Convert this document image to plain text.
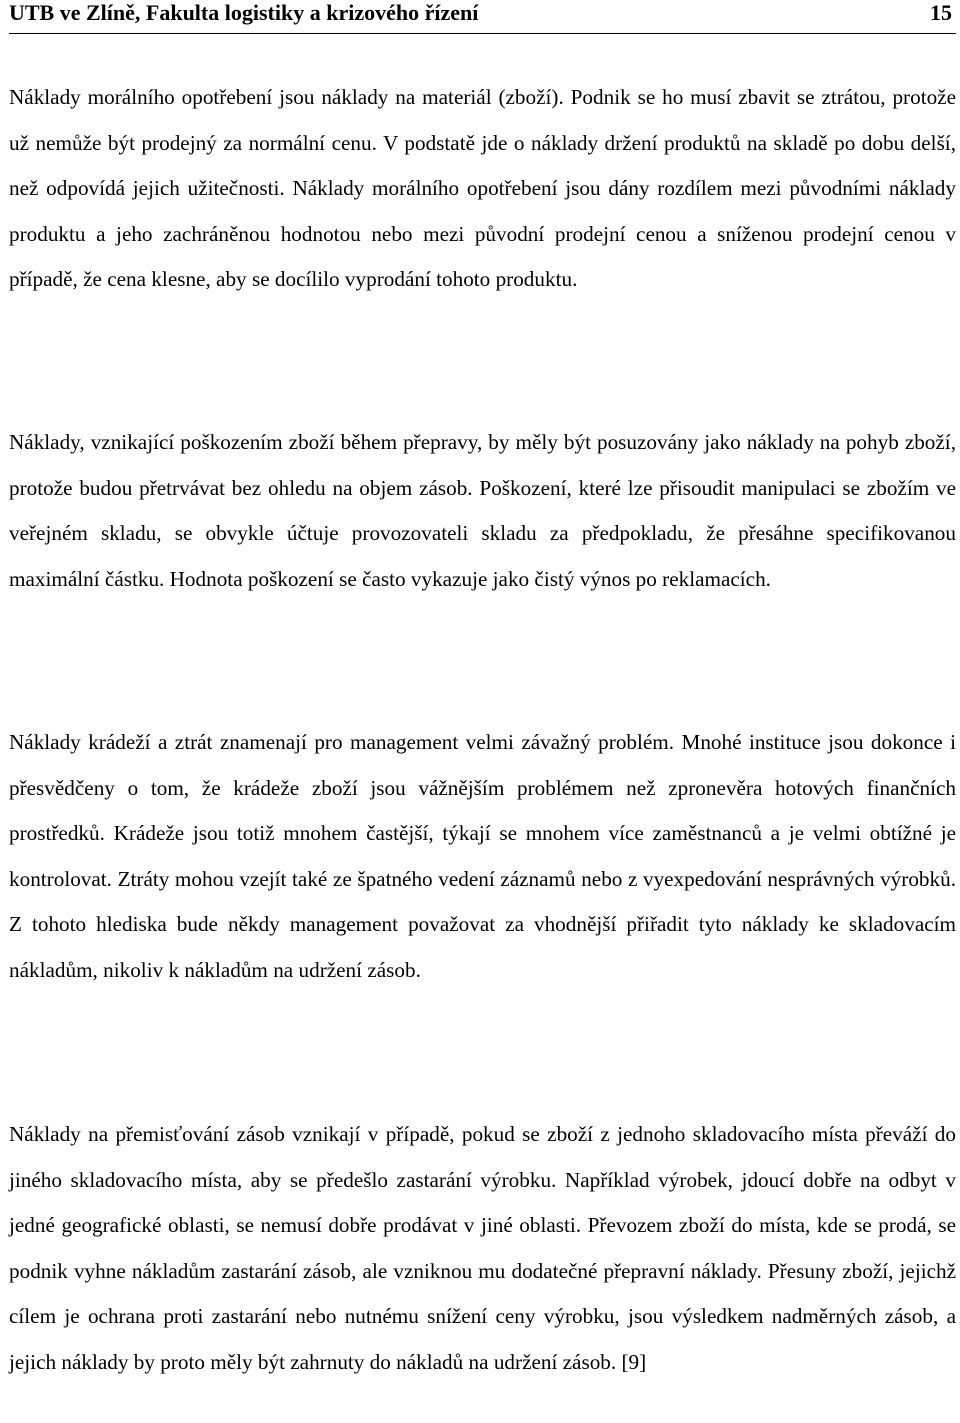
UTB ve Zlíně, Fakulta logistiky a krizového řízení	15

Náklady morálního opotřebení jsou náklady na materiál (zboží). Podnik se ho musí zbavit se ztrátou, protože už nemůže být prodejný za normální cenu. V podstatě jde o náklady držení produktů na skladě po dobu delší, než odpovídá jejich užitečnosti. Náklady morálního opotřebení jsou dány rozdílem mezi původními náklady produktu a jeho zachráněnou hodnotou nebo mezi původní prodejní cenou a sníženou prodejní cenou v případě, že cena klesne, aby se docílilo vyprodání tohoto produktu.

Náklady, vznikající poškozením zboží během přepravy, by měly být posuzovány jako náklady na pohyb zboží, protože budou přetrvávat bez ohledu na objem zásob. Poškození, které lze přisoudit manipulaci se zbožím ve veřejném skladu, se obvykle účtuje provozovateli skladu za předpokladu, že přesáhne specifikovanou maximální částku. Hodnota poškození se často vykazuje jako čistý výnos po reklamacích.

Náklady krádeží a ztrát znamenají pro management velmi závažný problém. Mnohé instituce jsou dokonce i přesvědčeny o tom, že krádeže zboží jsou vážnějším problémem než zpronevěra hotových finančních prostředků. Krádeže jsou totiž mnohem častější, týkají se mnohem více zaměstnanců a je velmi obtížné je kontrolovat. Ztráty mohou vzejít také ze špatného vedení záznamů nebo z vyexpedování nesprávných výrobků. Z tohoto hlediska bude někdy management považovat za vhodnější přiřadit tyto náklady ke skladovacím nákladům, nikoliv k nákladům na udržení zásob.

Náklady na přemisťování zásob vznikají v případě, pokud se zboží z jednoho skladovacího místa převáží do jiného skladovacího místa, aby se předešlo zastarání výrobku. Například výrobek, jdoucí dobře na odbyt v jedné geografické oblasti, se nemusí dobře prodávat v jiné oblasti. Převozem zboží do místa, kde se prodá, se podnik vyhne nákladům zastarání zásob, ale vzniknou mu dodatečné přepravní náklady. Přesuny zboží, jejichž cílem je ochrana proti zastarání nebo nutnému snížení ceny výrobku, jsou výsledkem nadměrných zásob, a jejich náklady by proto měly být zahrnuty do nákladů na udržení zásob. [9]
